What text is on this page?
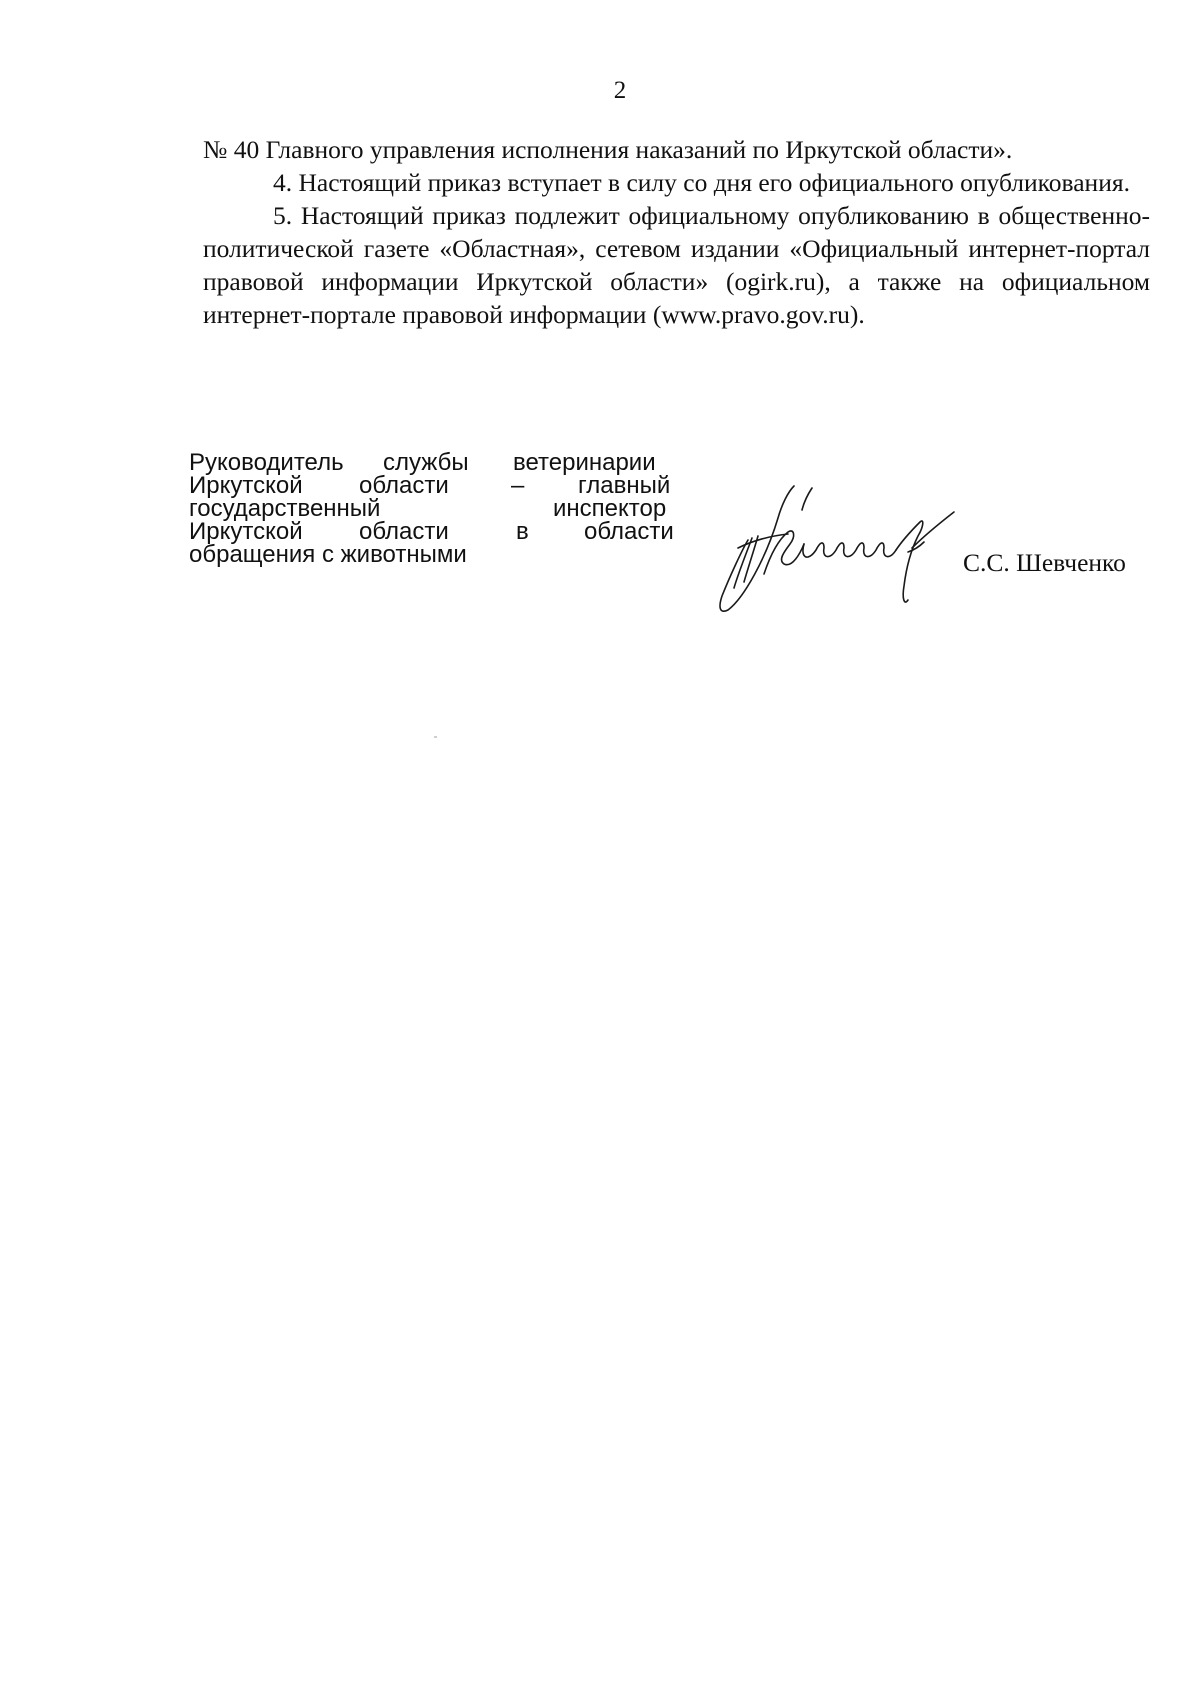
2

№ 40 Главного управления исполнения наказаний по Иркутской области».

4. Настоящий приказ вступает в силу со дня его официального опубликования.

5. Настоящий приказ подлежит официальному опубликованию в общественно-политической газете «Областная», сетевом издании «Официальный интернет-портал правовой информации Иркутской области» (ogirk.ru), а также на официальном интернет-портале правовой информации (www.pravo.gov.ru).

Руководитель службы ветеринарии
Иркутской области	– главный
государственный	инспектор
Иркутской области	в области
обращения с животными	С.С. Шевченко
